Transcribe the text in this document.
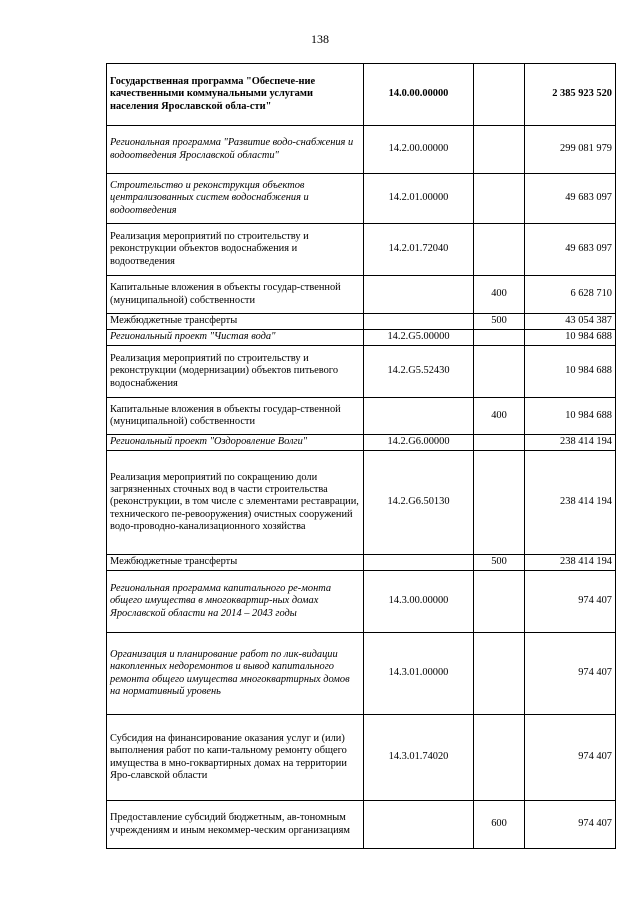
138
Государственная программа "Обеспече-ние качественными коммунальными услугами населения Ярославской обла-сти"	14.0.00.00000		2 385 923 520
Региональная программа "Развитие водо-снабжения и водоотведения Ярославской области"	14.2.00.00000		299 081 979
Строительство и реконструкция объектов централизованных систем водоснабжения и водоотведения	14.2.01.00000		49 683 097
Реализация мероприятий по строительству и реконструкции объектов водоснабжения и водоотведения	14.2.01.72040		49 683 097
Капитальные вложения в объекты государ-ственной (муниципальной) собственности		400	6 628 710
Межбюджетные трансферты		500	43 054 387
Региональный проект "Чистая вода"	14.2.G5.00000		10 984 688
Реализация мероприятий по строительству и реконструкции (модернизации) объектов питьевого водоснабжения	14.2.G5.52430		10 984 688
Капитальные вложения в объекты государ-ственной (муниципальной) собственности		400	10 984 688
Региональный проект "Оздоровление Волги"	14.2.G6.00000		238 414 194
Реализация мероприятий по сокращению доли загрязненных сточных вод в части строительства (реконструкции, в том числе с элементами реставрации, технического пе-ревооружения) очистных сооружений водо-проводно-канализационного хозяйства	14.2.G6.50130		238 414 194
Межбюджетные трансферты		500	238 414 194
Региональная программа капитального ре-монта общего имущества в многоквартир-ных домах Ярославской области на 2014 – 2043 годы	14.3.00.00000		974 407
Организация и планирование работ по лик-видации накопленных недоремонтов и вывод капитального ремонта общего имущества многоквартирных домов на нормативный уровень	14.3.01.00000		974 407
Субсидия на финансирование оказания услуг и (или) выполнения работ по капи-тальному ремонту общего имущества в мно-гоквартирных домах на территории Яро-славской области	14.3.01.74020		974 407
Предоставление субсидий бюджетным, ав-тономным учреждениям и иным некоммер-ческим организациям		600	974 407
